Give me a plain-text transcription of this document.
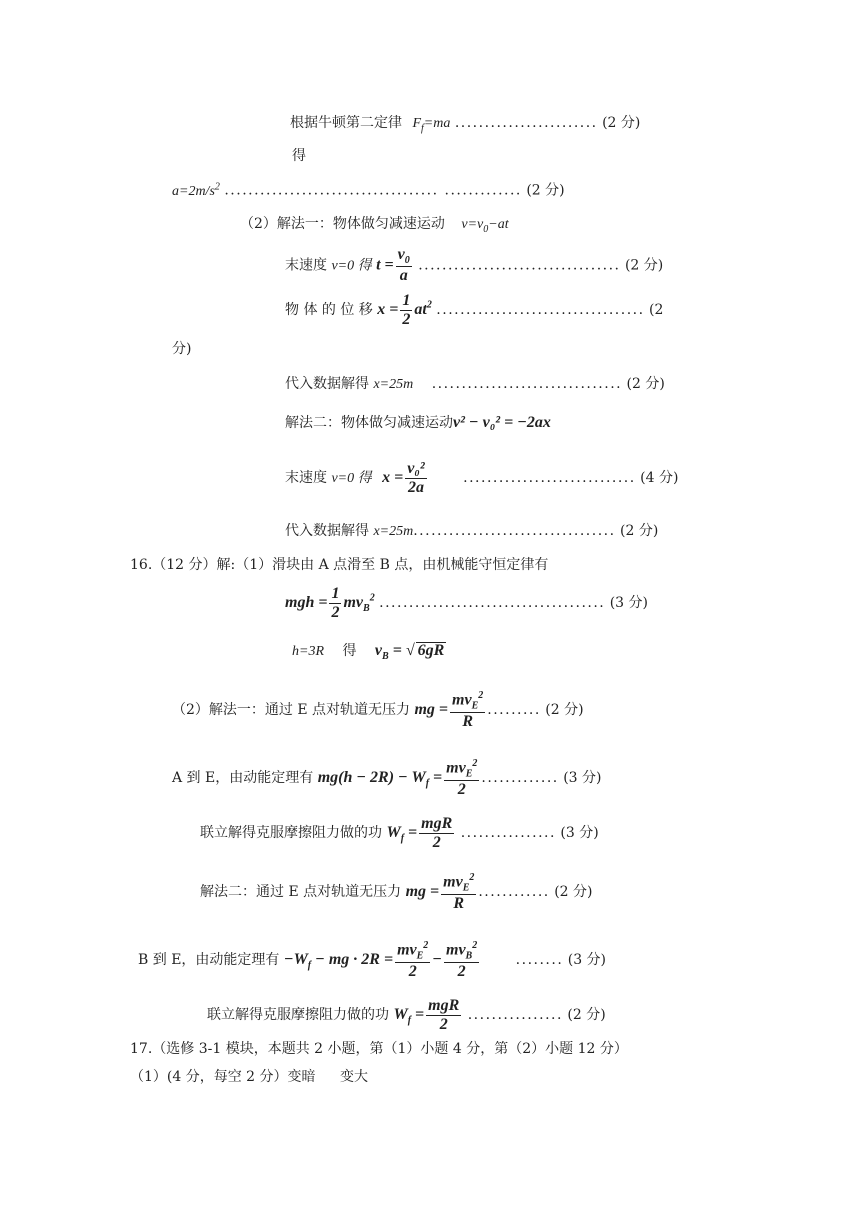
根据牛顿第二定律 $F_f=ma$ ........................ (2 分)
得
$a=2m/s^2$ .................................... ............. (2 分)
（2）解法一：物体做匀减速运动 $v=v_0-at$
末速度 v=0 得 $t = \frac{v_0}{a}$ .................................. (2 分)
物 体 的 位 移 $x = \frac{1}{2} at^2$ ................................... (2
分)
代入数据解得 x=25m ................................ (2 分)
解法二：物体做匀减速运动v² − v₀² = −2ax
末速度 v=0 得 $x = \frac{\text{v₀²}}{2a}$	............................. (4 分)
代入数据解得 x=25m.................................. (2 分)
16.（12 分）解:（1）滑块由 A 点滑至 B 点，由机械能守恒定律有
mgh = $\frac{1}{2} mv_B^2$ ...................................... (3 分)
h=3R 得 $v_B$ = √ 6gR
（2）解法一：通过 E 点对轨道无压力 mg = $\frac{mv_E^2}{R}$ ......... (2 分)
A 到 E，由动能定理有 $mg(h - 2R) - W_f = \frac{mv_E^2}{2}$ ............. (3 分)
联立解得克服摩擦阻力做的功 $W_f = \frac{\text{mgR}}{2}$ ................ (3 分)
解法二：通过 E 点对轨道无压力 mg = $\frac{mv_E^2}{R}$ ............ (2 分)
B 到 E，由动能定理有 $-W_f$ − mg · $2R = \frac{mv_E^2}{2} - \frac{mv_B^2}{2}$	........ (3 分)
联立解得克服摩擦阻力做的功 $W_f = \frac{\text{mgR}}{2}$ ................ (2 分)
17.（选修 3-1 模块，本题共 2 小题，第（1）小题 4 分，第（2）小题 12 分）
（1）(4 分，每空 2 分）变暗 变大
